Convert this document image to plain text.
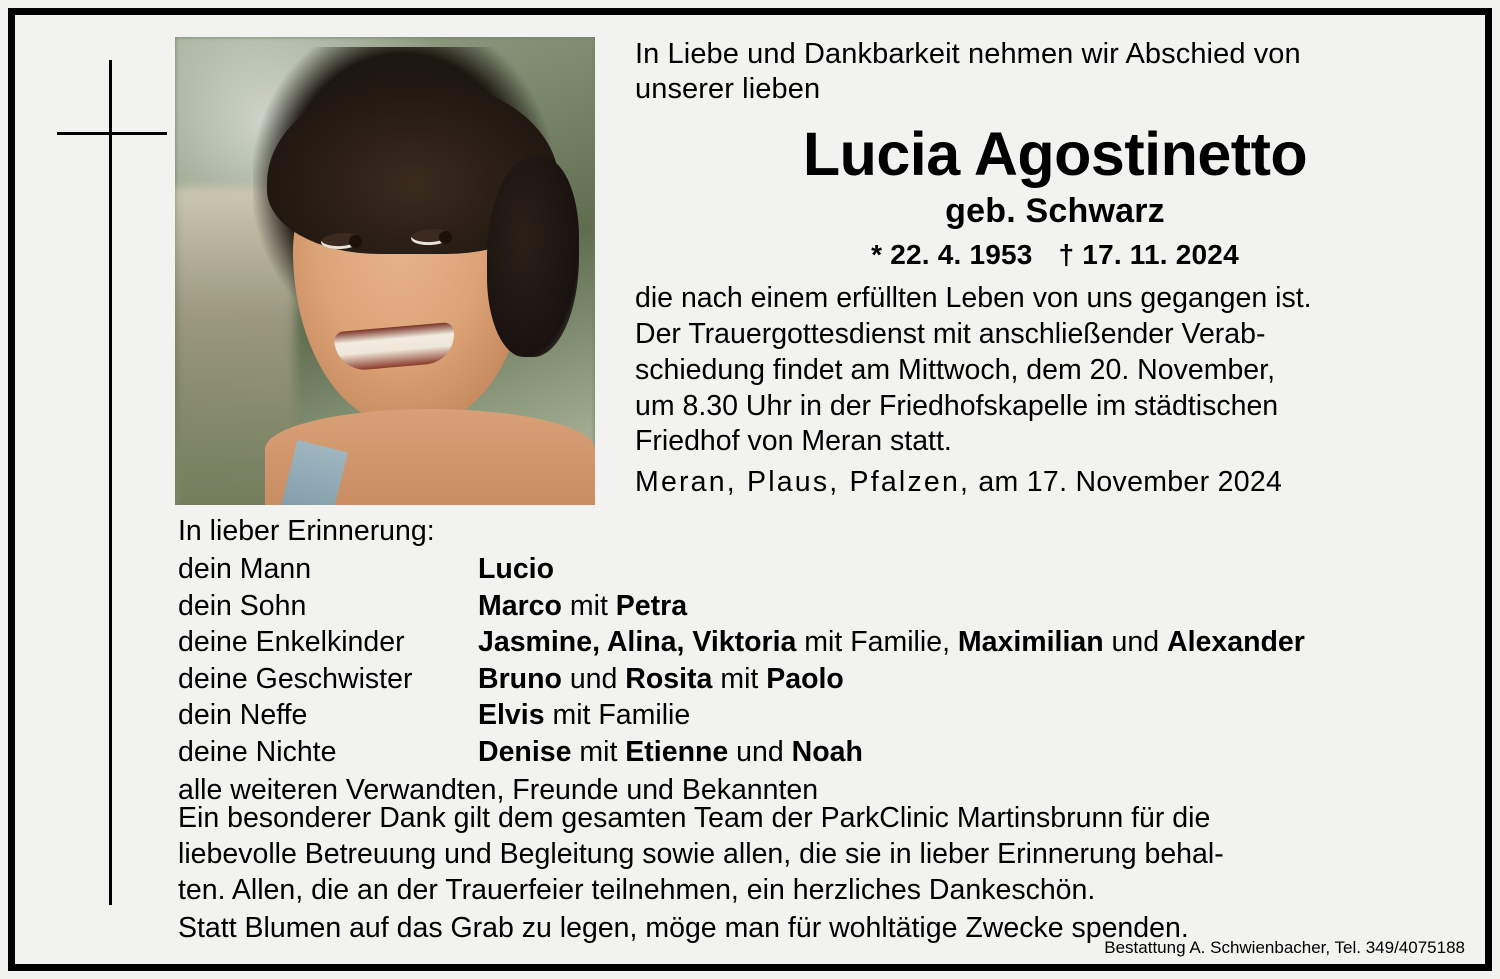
In Liebe und Dankbarkeit nehmen wir Abschied von
unserer lieben
Lucia Agostinetto
geb. Schwarz
* 22. 4. 1953 † 17. 11. 2024
die nach einem erfüllten Leben von uns gegangen ist.
Der Trauergottesdienst mit anschließender Verab-
schiedung findet am Mittwoch, dem 20. November,
um 8.30 Uhr in der Friedhofskapelle im städtischen
Friedhof von Meran statt.
Meran, Plaus, Pfalzen, am 17. November 2024
In lieber Erinnerung:
dein Mann	Lucio
dein Sohn	Marco mit Petra
deine Enkelkinder	Jasmine, Alina, Viktoria mit Familie, Maximilian und Alexander
deine Geschwister	Bruno und Rosita mit Paolo
dein Neffe	Elvis mit Familie
deine Nichte	Denise mit Etienne und Noah
alle weiteren Verwandten, Freunde und Bekannten
Ein besonderer Dank gilt dem gesamten Team der ParkClinic Martinsbrunn für die
liebevolle Betreuung und Begleitung sowie allen, die sie in lieber Erinnerung behal-
ten. Allen, die an der Trauerfeier teilnehmen, ein herzliches Dankeschön.
Statt Blumen auf das Grab zu legen, möge man für wohltätige Zwecke spenden.
Bestattung A. Schwienbacher, Tel. 349/4075188
